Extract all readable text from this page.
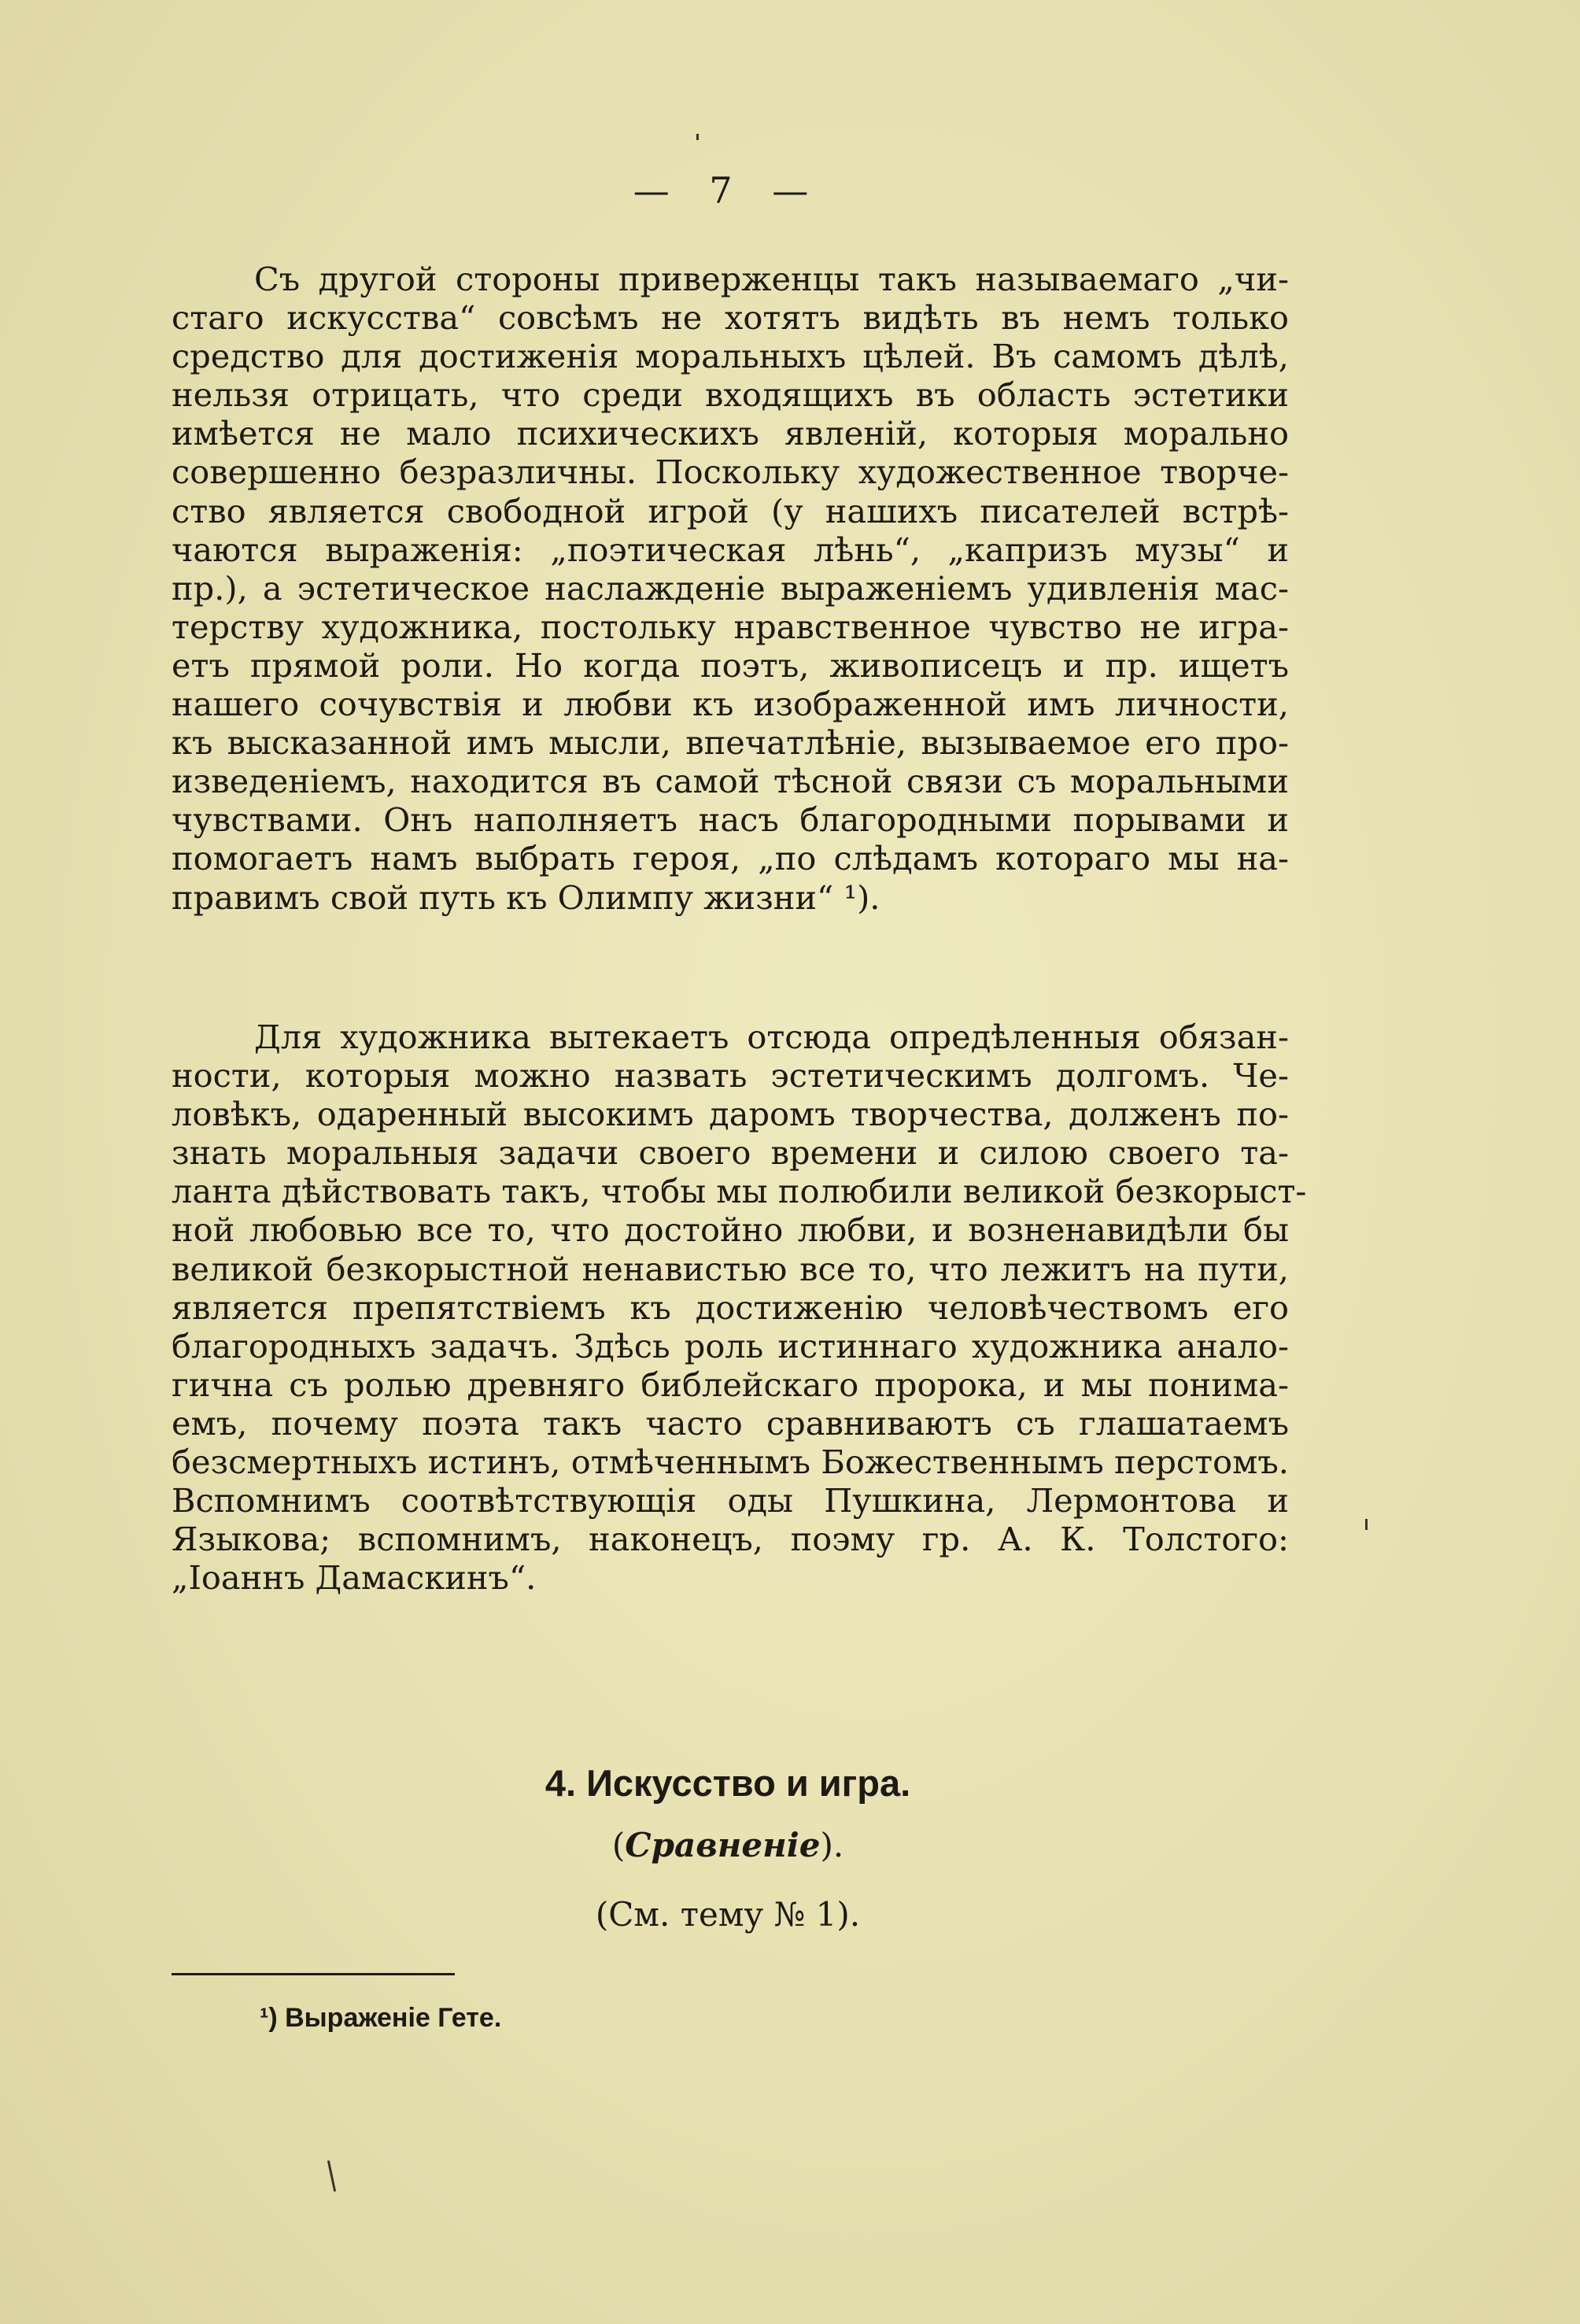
— 7 —
Съ другой стороны приверженцы такъ называемаго „чи-
стаго искусства“ совсѣмъ не хотятъ видѣть въ немъ только
средство для достиженія моральныхъ цѣлей. Въ самомъ дѣлѣ,
нельзя отрицать, что среди входящихъ въ область эстетики
имѣется не мало психическихъ явленій, которыя морально
совершенно безразличны. Поскольку художественное творче-
ство является свободной игрой (у нашихъ писателей встрѣ-
чаются выраженія: „поэтическая лѣнь“, „капризъ музы“ и
пр.), а эстетическое наслажденіе выраженіемъ удивленія мас-
терству художника, постольку нравственное чувство не игра-
етъ прямой роли. Но когда поэтъ, живописецъ и пр. ищетъ
нашего сочувствія и любви къ изображенной имъ личности,
къ высказанной имъ мысли, впечатлѣніе, вызываемое его про-
изведеніемъ, находится въ самой тѣсной связи съ моральными
чувствами. Онъ наполняетъ насъ благородными порывами и
помогаетъ намъ выбрать героя, „по слѣдамъ котораго мы на-
правимъ свой путь къ Олимпу жизни“ ¹).
Для художника вытекаетъ отсюда опредѣленныя обязан-
ности, которыя можно назвать эстетическимъ долгомъ. Че-
ловѣкъ, одаренный высокимъ даромъ творчества, долженъ по-
знать моральныя задачи своего времени и силою своего та-
ланта дѣйствовать такъ, чтобы мы полюбили великой безкорыст-
ной любовью все то, что достойно любви, и возненавидѣли бы
великой безкорыстной ненавистью все то, что лежитъ на пути,
является препятствіемъ къ достиженію человѣчествомъ его
благородныхъ задачъ. Здѣсь роль истиннаго художника анало-
гична съ ролью древняго библейскаго пророка, и мы понима-
емъ, почему поэта такъ часто сравниваютъ съ глашатаемъ
безсмертныхъ истинъ, отмѣченнымъ Божественнымъ перстомъ.
Вспомнимъ соотвѣтствующія оды Пушкина, Лермонтова и
Языкова; вспомнимъ, наконецъ, поэму гр. А. К. Толстого:
„Іоаннъ Дамаскинъ“.
4. Искусство и игра.
(Сравненіе).
(См. тему № 1).
¹) Выраженіе Гете.
